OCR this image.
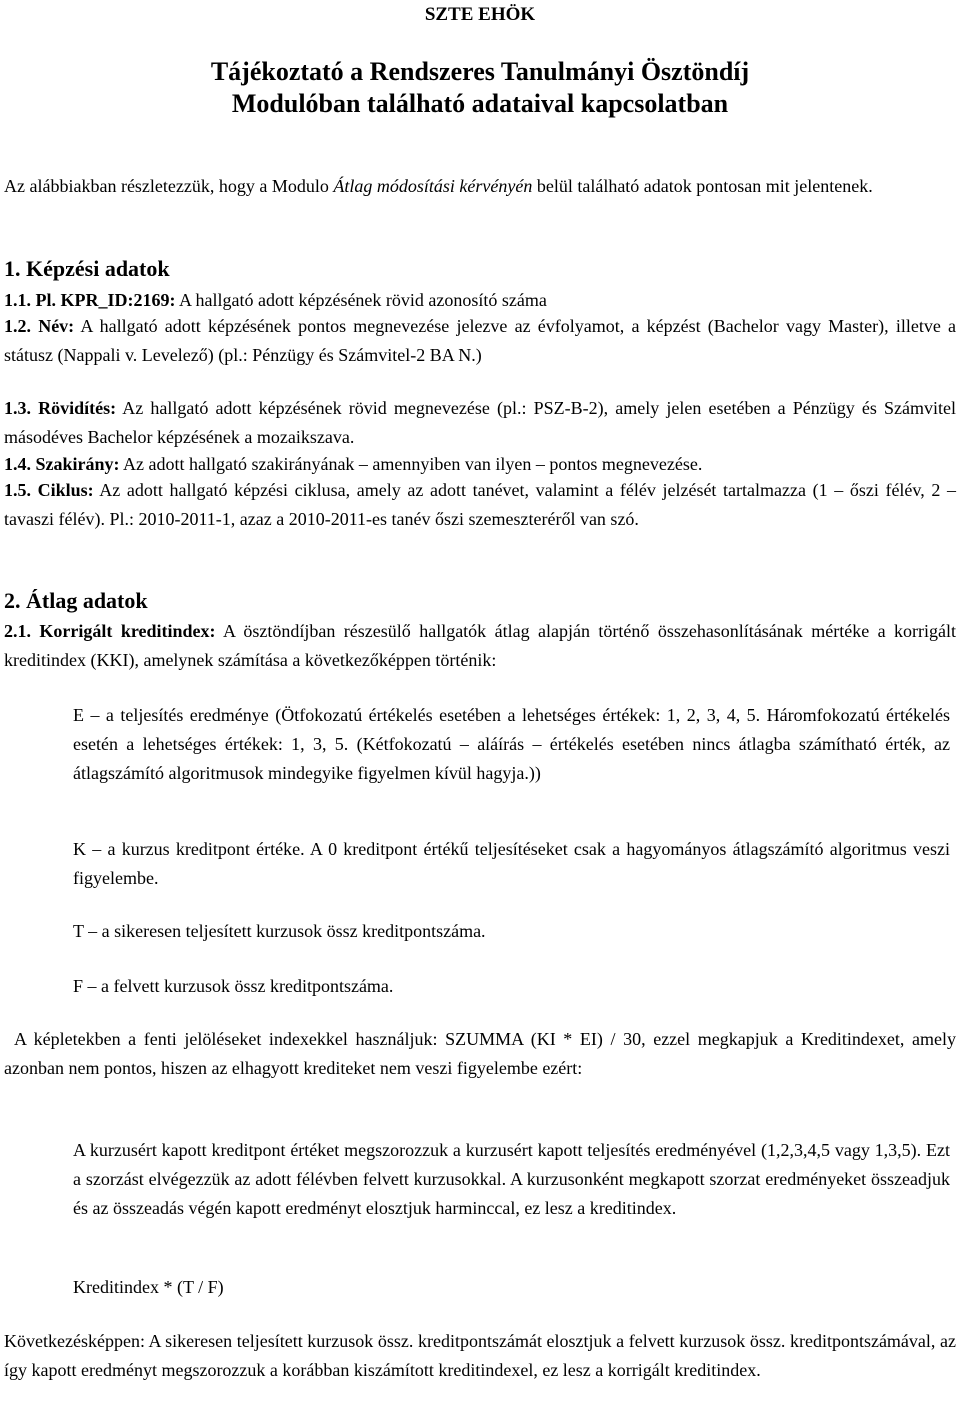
SZTE EHÖK
Tájékoztató a Rendszeres Tanulmányi Ösztöndíj
Modulóban található adataival kapcsolatban
Az alábbiakban részletezzük, hogy a Modulo Átlag módosítási kérvényén belül található adatok pontosan mit jelentenek.
1. Képzési adatok
1.1. Pl. KPR_ID:2169: A hallgató adott képzésének rövid azonosító száma
1.2. Név: A hallgató adott képzésének pontos megnevezése jelezve az évfolyamot, a képzést (Bachelor vagy Master), illetve a státusz (Nappali v. Levelező) (pl.: Pénzügy és Számvitel-2 BA N.)
1.3. Rövidítés: Az hallgató adott képzésének rövid megnevezése (pl.: PSZ-B-2), amely jelen esetében a Pénzügy és Számvitel másodéves Bachelor képzésének a mozaikszava.
1.4. Szakirány: Az adott hallgató szakirányának – amennyiben van ilyen – pontos megnevezése.
1.5. Ciklus: Az adott hallgató képzési ciklusa, amely az adott tanévet, valamint a félév jelzését tartalmazza (1 – őszi félév, 2 – tavaszi félév). Pl.: 2010-2011-1, azaz a 2010-2011-es tanév őszi szemeszteréről van szó.
2. Átlag adatok
2.1. Korrigált kreditindex: A ösztöndíjban részesülő hallgatók átlag alapján történő összehasonlításának mértéke a korrigált kreditindex (KKI), amelynek számítása a következőképpen történik:
E – a teljesítés eredménye (Ötfokozatú értékelés esetében a lehetséges értékek: 1, 2, 3, 4, 5. Háromfokozatú értékelés esetén a lehetséges értékek: 1, 3, 5. (Kétfokozatú – aláírás – értékelés esetében nincs átlagba számítható érték, az átlagszámító algoritmusok mindegyike figyelmen kívül hagyja.))
K – a kurzus kreditpont értéke. A 0 kreditpont értékű teljesítéseket csak a hagyományos átlagszámító algoritmus veszi figyelembe.
T – a sikeresen teljesített kurzusok össz kreditpontszáma.
F – a felvett kurzusok össz kreditpontszáma.
A képletekben a fenti jelöléseket indexekkel használjuk: SZUMMA (KI * EI) / 30, ezzel megkapjuk a Kreditindexet, amely azonban nem pontos, hiszen az elhagyott krediteket nem veszi figyelembe ezért:
A kurzusért kapott kreditpont értéket megszorozzuk a kurzusért kapott teljesítés eredményével (1,2,3,4,5 vagy 1,3,5). Ezt a szorzást elvégezzük az adott félévben felvett kurzusokkal. A kurzusonként megkapott szorzat eredményeket összeadjuk és az összeadás végén kapott eredményt elosztjuk harminccal, ez lesz a kreditindex.
Kreditindex * (T / F)
Következésképpen: A sikeresen teljesített kurzusok össz. kreditpontszámát elosztjuk a felvett kurzusok össz. kreditpontszámával, az így kapott eredményt megszorozzuk a korábban kiszámított kreditindexel, ez lesz a korrigált kreditindex.
